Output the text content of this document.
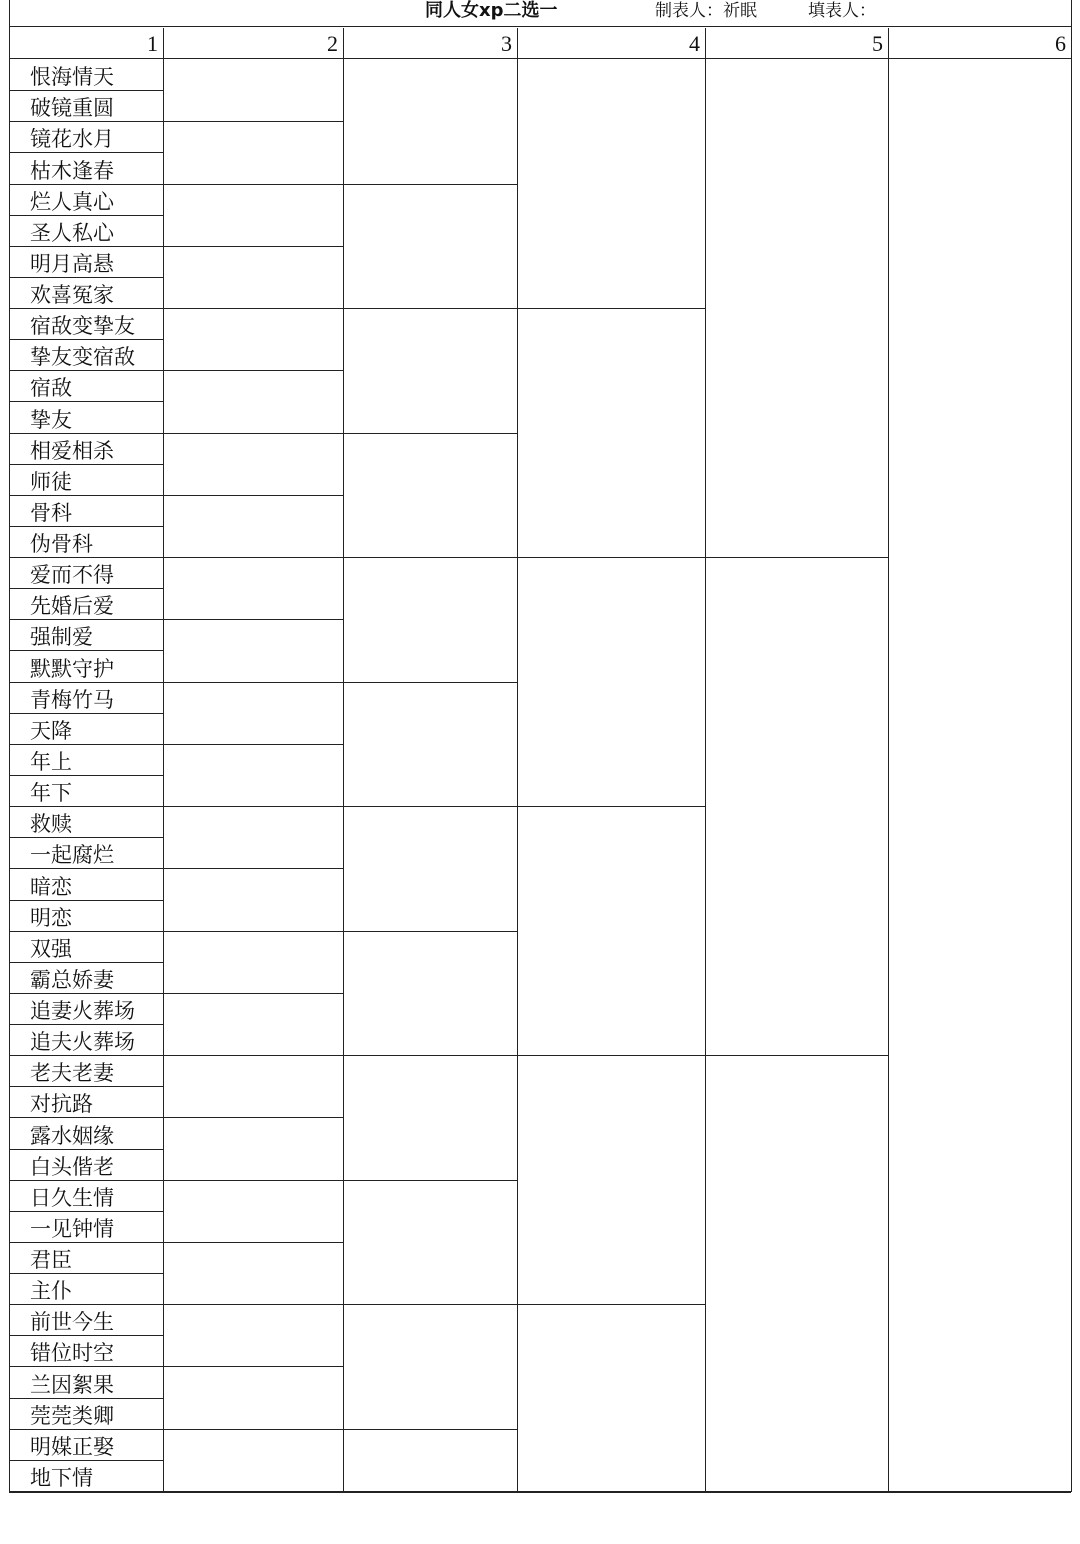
同人女xp二选一	制表人：祈眠	填表人：
1	2	3	4	5	6
恨海情天
破镜重圆
镜花水月
枯木逢春
烂人真心
圣人私心
明月高悬
欢喜冤家
宿敌变挚友
挚友变宿敌
宿敌
挚友
相爱相杀
师徒
骨科
伪骨科
爱而不得
先婚后爱
强制爱
默默守护
青梅竹马
天降
年上
年下
救赎
一起腐烂
暗恋
明恋
双强
霸总娇妻
追妻火葬场
追夫火葬场
老夫老妻
对抗路
露水姻缘
白头偕老
日久生情
一见钟情
君臣
主仆
前世今生
错位时空
兰因絮果
莞莞类卿
明媒正娶
地下情
